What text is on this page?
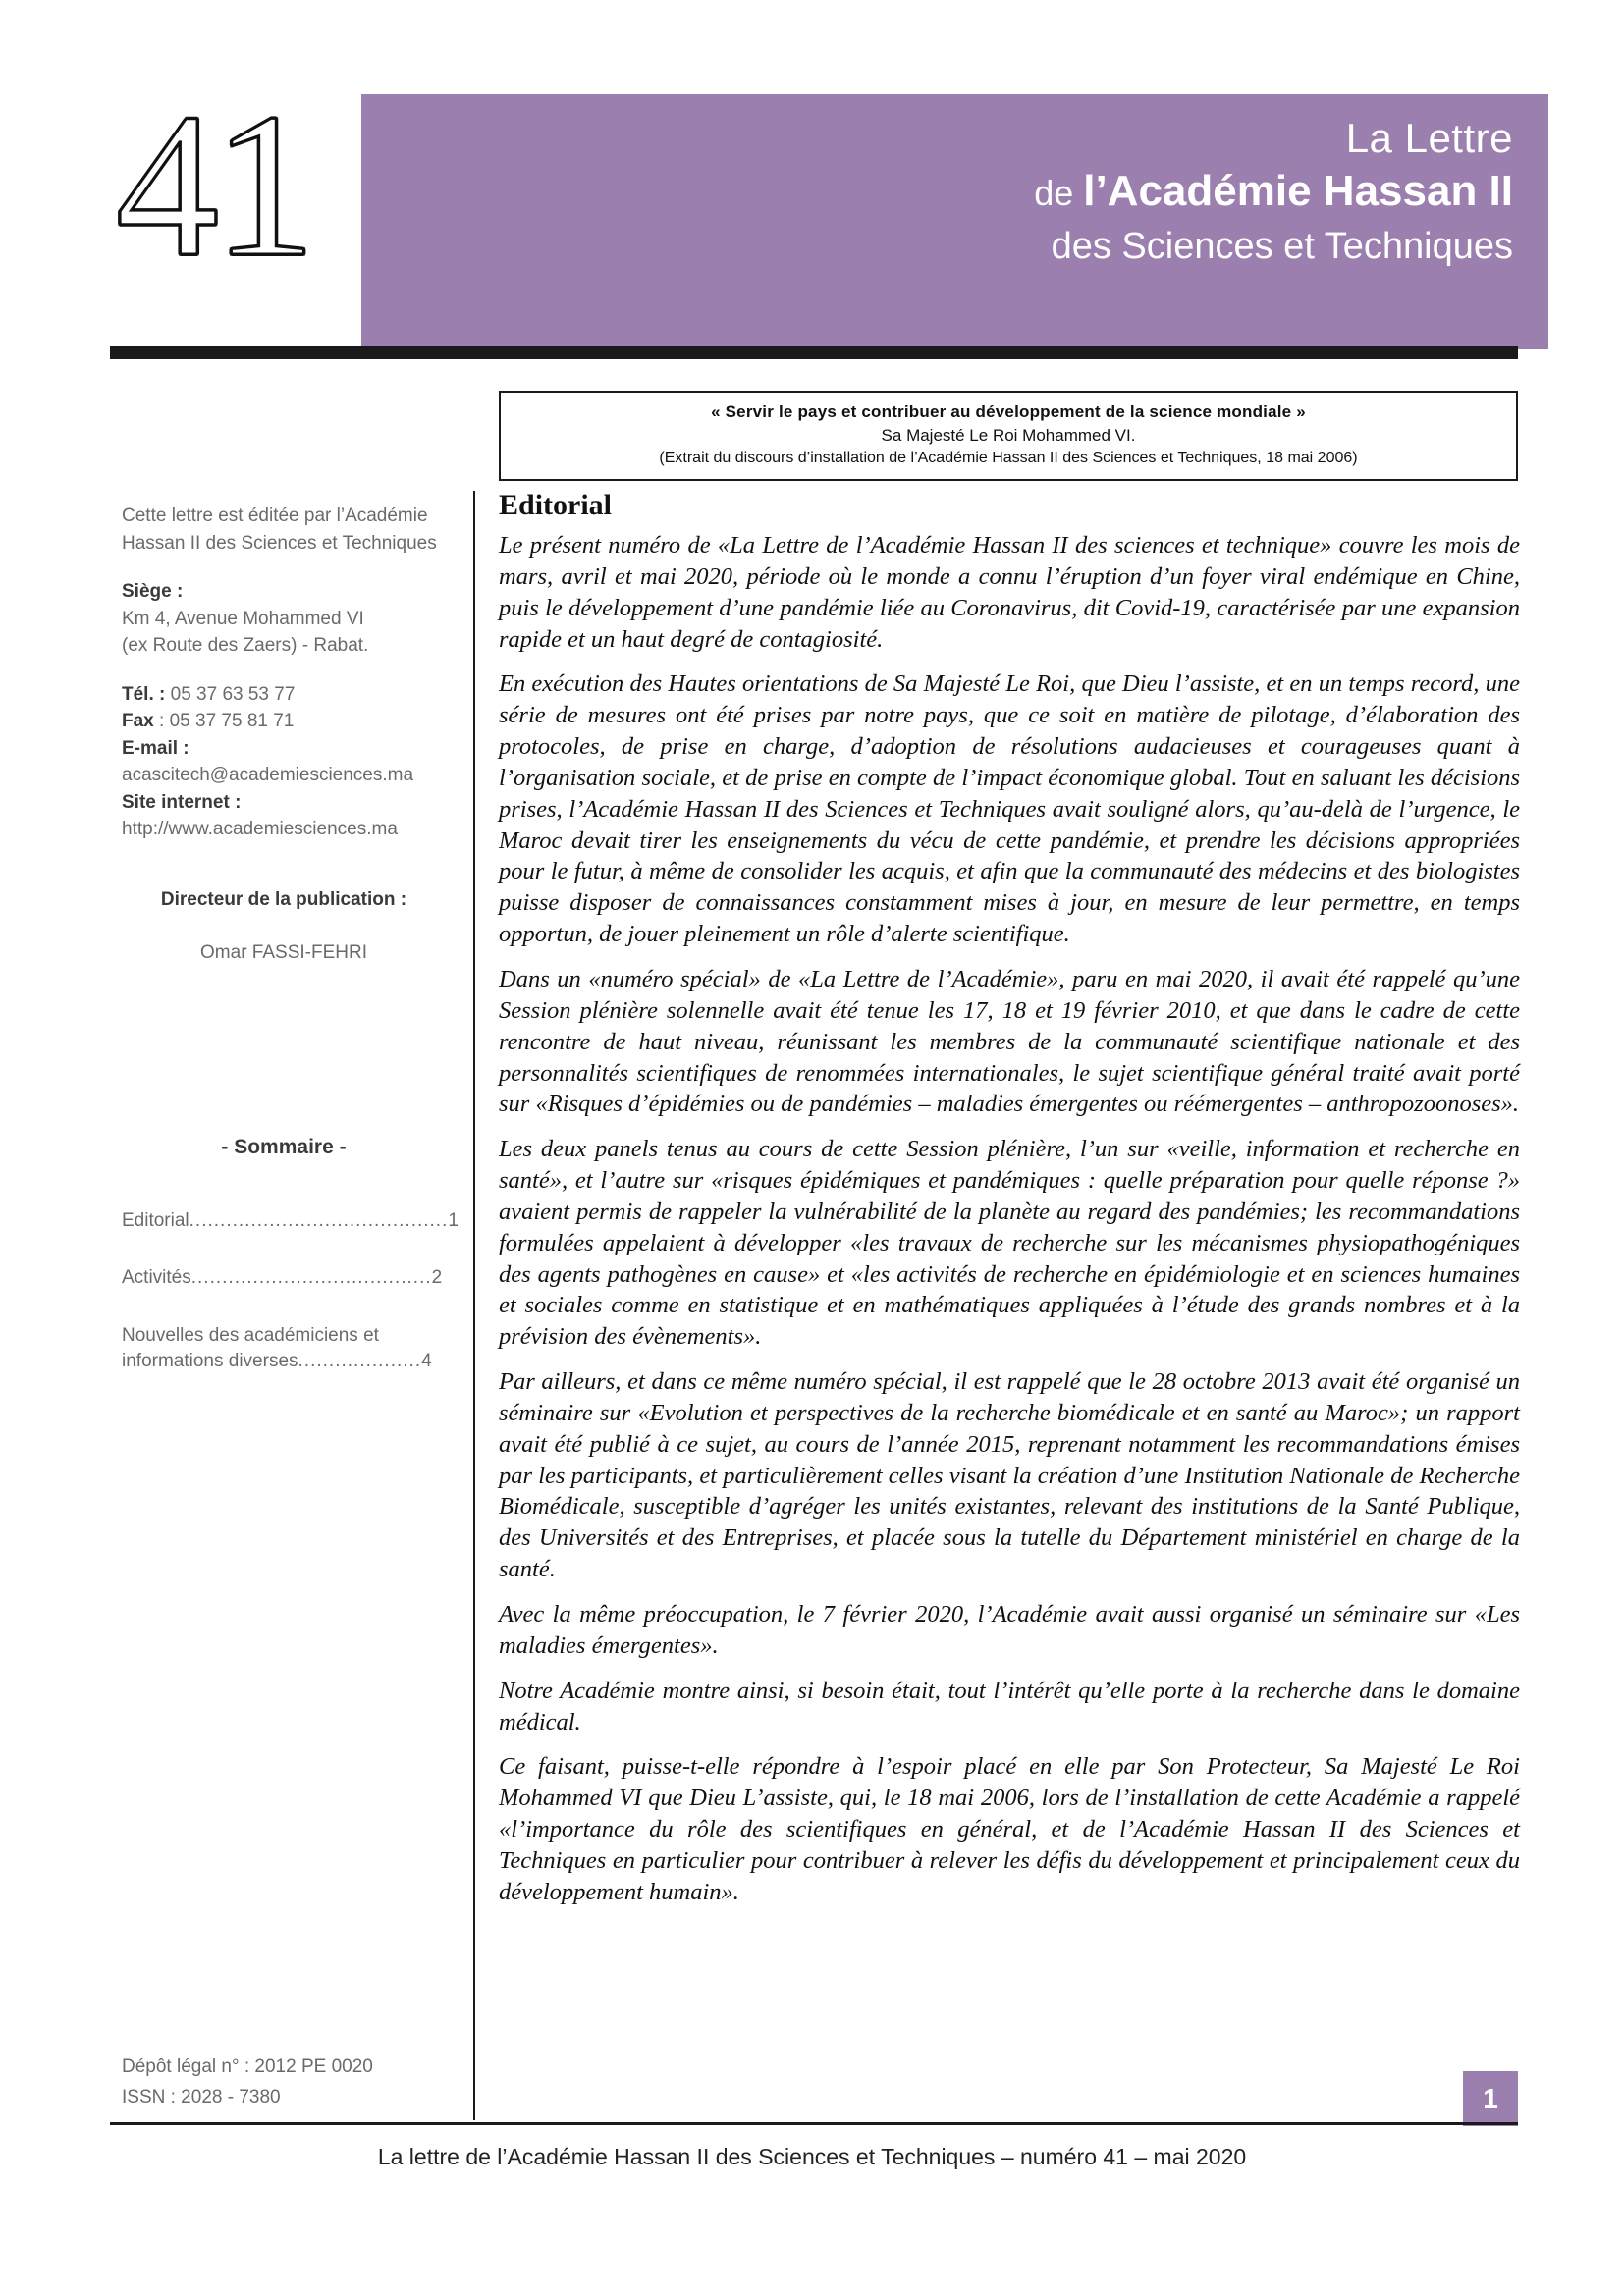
La Lettre
de l’Académie Hassan II
des Sciences et Techniques
41
« Servir le pays et contribuer au développement de la science mondiale »
Sa Majesté Le Roi Mohammed VI.
(Extrait du discours d’installation de l’Académie Hassan II des Sciences et Techniques, 18 mai 2006)
Cette lettre est éditée par l’Académie Hassan II des Sciences et Techniques
Siège :
Km 4, Avenue Mohammed VI
(ex Route des Zaers) - Rabat.
Tél. : 05 37 63 53 77
Fax : 05 37 75 81 71
E-mail :
acascitech@academiesciences.ma
Site internet :
http://www.academiesciences.ma
Directeur de la publication :
Omar FASSI-FEHRI
- Sommaire -
Editorial..........................................1
Activités.......................................2
Nouvelles des académiciens et informations diverses....................4
Dépôt légal n° : 2012 PE 0020
ISSN : 2028 - 7380
Editorial

Le présent numéro de «La Lettre de l’Académie Hassan II des sciences et technique» couvre les mois de mars, avril et mai 2020, période où le monde a connu l’éruption d’un foyer viral endémique en Chine, puis le développement d’une pandémie liée au Coronavirus, dit Covid-19, caractérisée par une expansion rapide et un haut degré de contagiosité.

En exécution des Hautes orientations de Sa Majesté Le Roi, que Dieu l’assiste, et en un temps record, une série de mesures ont été prises par notre pays, que ce soit en matière de pilotage, d’élaboration des protocoles, de prise en charge, d’adoption de résolutions audacieuses et courageuses quant à l’organisation sociale, et de prise en compte de l’impact économique global. Tout en saluant les décisions prises, l’Académie Hassan II des Sciences et Techniques avait souligné alors, qu’au-delà de l’urgence, le Maroc devait tirer les enseignements du vécu de cette pandémie, et prendre les décisions appropriées pour le futur, à même de consolider les acquis, et afin que la communauté des médecins et des biologistes puisse disposer de connaissances constamment mises à jour, en mesure de leur permettre, en temps opportun, de jouer pleinement un rôle d’alerte scientifique.

Dans un «numéro spécial» de «La Lettre de l’Académie», paru en mai 2020, il avait été rappelé qu’une Session plénière solennelle avait été tenue les 17, 18 et 19 février 2010, et que dans le cadre de cette rencontre de haut niveau, réunissant les membres de la communauté scientifique nationale et des personnalités scientifiques de renommées internationales, le sujet scientifique général traité avait porté sur «Risques d’épidémies ou de pandémies – maladies émergentes ou réémergentes – anthropozoonoses».

Les deux panels tenus au cours de cette Session plénière, l’un sur «veille, information et recherche en santé», et l’autre sur «risques épidémiques et pandémiques : quelle préparation pour quelle réponse ?» avaient permis de rappeler la vulnérabilité de la planète au regard des pandémies; les recommandations formulées appelaient à développer «les travaux de recherche sur les mécanismes physiopathogéniques des agents pathogènes en cause» et «les activités de recherche en épidémiologie et en sciences humaines et sociales comme en statistique et en mathématiques appliquées à l’étude des grands nombres et à la prévision des évènements».

Par ailleurs, et dans ce même numéro spécial, il est rappelé que le 28 octobre 2013 avait été organisé un séminaire sur «Evolution et perspectives de la recherche biomédicale et en santé au Maroc»; un rapport avait été publié à ce sujet, au cours de l’année 2015, reprenant notamment les recommandations émises par les participants, et particulièrement celles visant la création d’une Institution Nationale de Recherche Biomédicale, susceptible d’agréger les unités existantes, relevant des institutions de la Santé Publique, des Universités et des Entreprises, et placée sous la tutelle du Département ministériel en charge de la santé.

Avec la même préoccupation, le 7 février 2020, l’Académie avait aussi organisé un séminaire sur «Les maladies émergentes».

Notre Académie montre ainsi, si besoin était, tout l’intérêt qu’elle porte à la recherche dans le domaine médical.

Ce faisant, puisse-t-elle répondre à l’espoir placé en elle par Son Protecteur, Sa Majesté Le Roi Mohammed VI que Dieu L’assiste, qui, le 18 mai 2006, lors de l’installation de cette Académie a rappelé «l’importance du rôle des scientifiques en général, et de l’Académie Hassan II des Sciences et Techniques en particulier pour contribuer à relever les défis du développement et principalement ceux du développement humain».

1
La lettre de l’Académie Hassan II des Sciences et Techniques – numéro 41 – mai 2020
